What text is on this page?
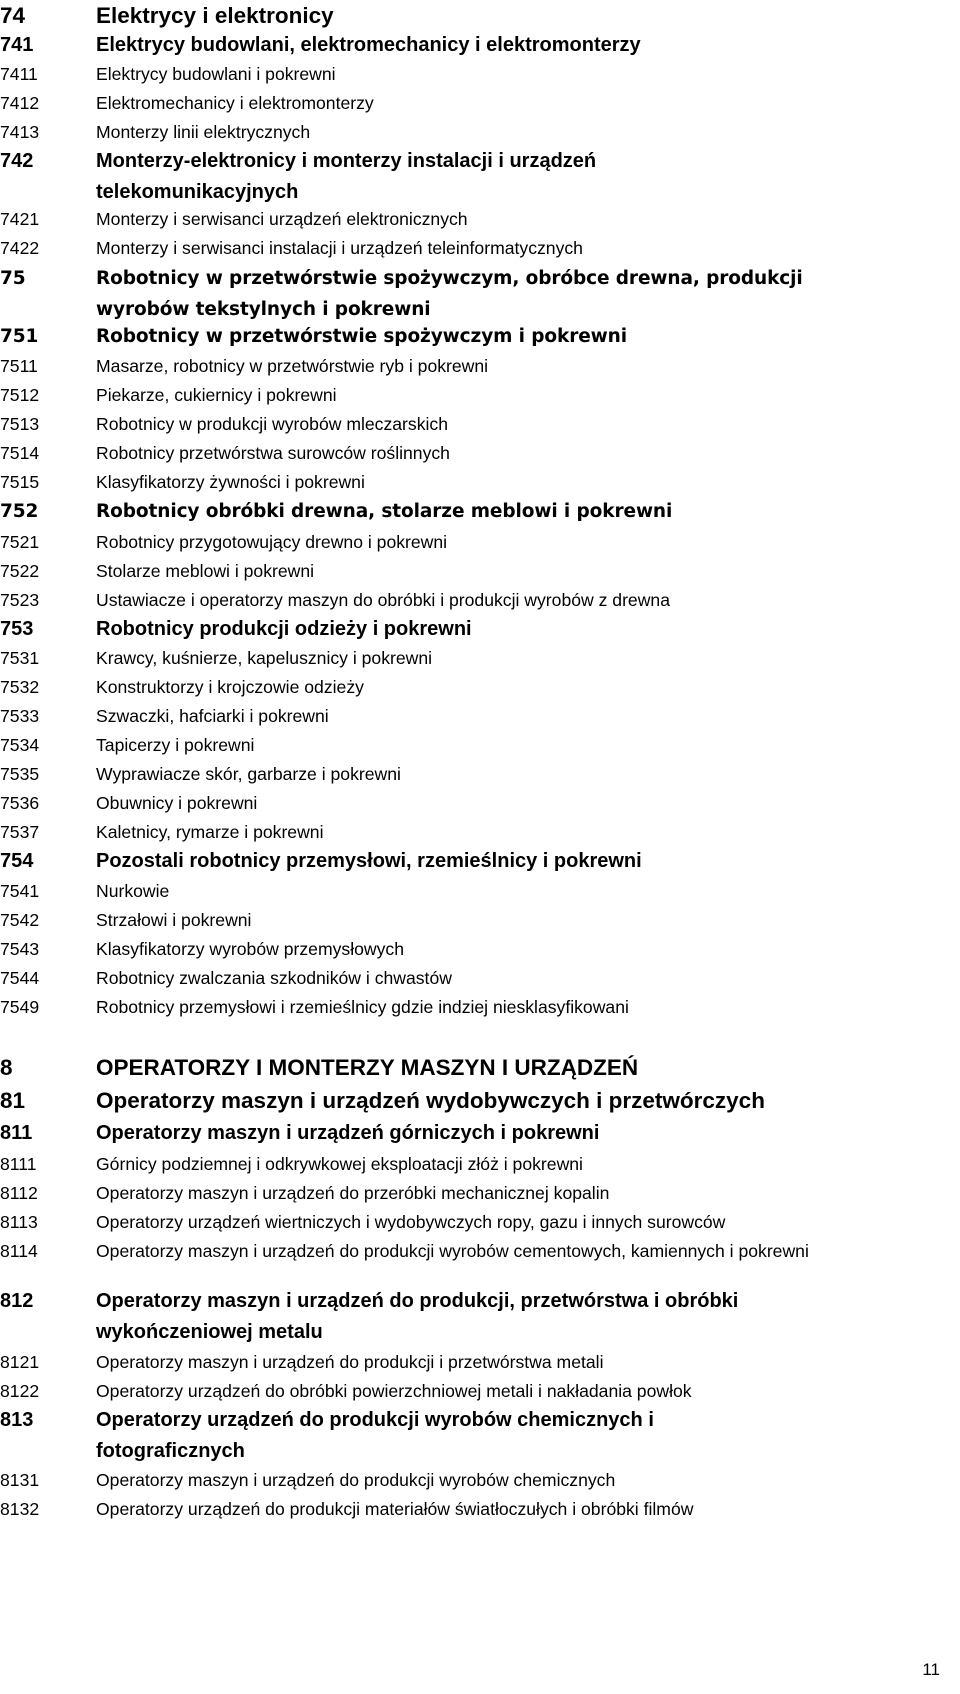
74	Elektrycy i elektronicy
741	Elektrycy budowlani, elektromechanicy i elektromonterzy
7411	Elektrycy budowlani i pokrewni
7412	Elektromechanicy i elektromonterzy
7413	Monterzy linii elektrycznych
742	Monterzy-elektronicy i monterzy instalacji i urządzeń telekomunikacyjnych
7421	Monterzy i serwisanci urządzeń elektronicznych
7422	Monterzy i serwisanci instalacji i urządzeń teleinformatycznych
75	Robotnicy w przetwórstwie spożywczym, obróbce drewna, produkcji wyrobów tekstylnych i pokrewni
751	Robotnicy w przetwórstwie spożywczym i pokrewni
7511	Masarze, robotnicy w przetwórstwie ryb i pokrewni
7512	Piekarze, cukiernicy i pokrewni
7513	Robotnicy w produkcji wyrobów mleczarskich
7514	Robotnicy przetwórstwa surowców roślinnych
7515	Klasyfikatorzy żywności i pokrewni
752	Robotnicy obróbki drewna, stolarze meblowi i pokrewni
7521	Robotnicy przygotowujący drewno i pokrewni
7522	Stolarze meblowi i pokrewni
7523	Ustawiacze i operatorzy maszyn do obróbki i produkcji wyrobów z drewna
753	Robotnicy produkcji odzieży i pokrewni
7531	Krawcy, kuśnierze, kapelusznicy i pokrewni
7532	Konstruktorzy i krojczowie odzieży
7533	Szwaczki, hafciarki i pokrewni
7534	Tapicerzy i pokrewni
7535	Wyprawiacze skór, garbarze i pokrewni
7536	Obuwnicy i pokrewni
7537	Kaletnicy, rymarze i pokrewni
754	Pozostali robotnicy przemysłowi, rzemieślnicy i pokrewni
7541	Nurkowie
7542	Strzałowi i pokrewni
7543	Klasyfikatorzy wyrobów przemysłowych
7544	Robotnicy zwalczania szkodników i chwastów
7549	Robotnicy przemysłowi i rzemieślnicy gdzie indziej niesklasyfikowani
8	OPERATORZY I MONTERZY MASZYN I URZĄDZEŃ
81	Operatorzy maszyn i urządzeń wydobywczych i przetwórczych
811	Operatorzy maszyn i urządzeń górniczych i pokrewni
8111	Górnicy podziemnej i odkrywkowej eksploatacji złóż i pokrewni
8112	Operatorzy maszyn i urządzeń do przeróbki mechanicznej kopalin
8113	Operatorzy urządzeń wiertniczych i wydobywczych ropy, gazu i innych surowców
8114	Operatorzy maszyn i urządzeń do produkcji wyrobów cementowych, kamiennych i pokrewni
812	Operatorzy maszyn i urządzeń do produkcji, przetwórstwa i obróbki wykończeniowej metalu
8121	Operatorzy maszyn i urządzeń do produkcji i przetwórstwa metali
8122	Operatorzy urządzeń do obróbki powierzchniowej metali i nakładania powłok
813	Operatorzy urządzeń do produkcji wyrobów chemicznych i fotograficznych
8131	Operatorzy maszyn i urządzeń do produkcji wyrobów chemicznych
8132	Operatorzy urządzeń do produkcji materiałów światłoczułych i obróbki filmów
11
